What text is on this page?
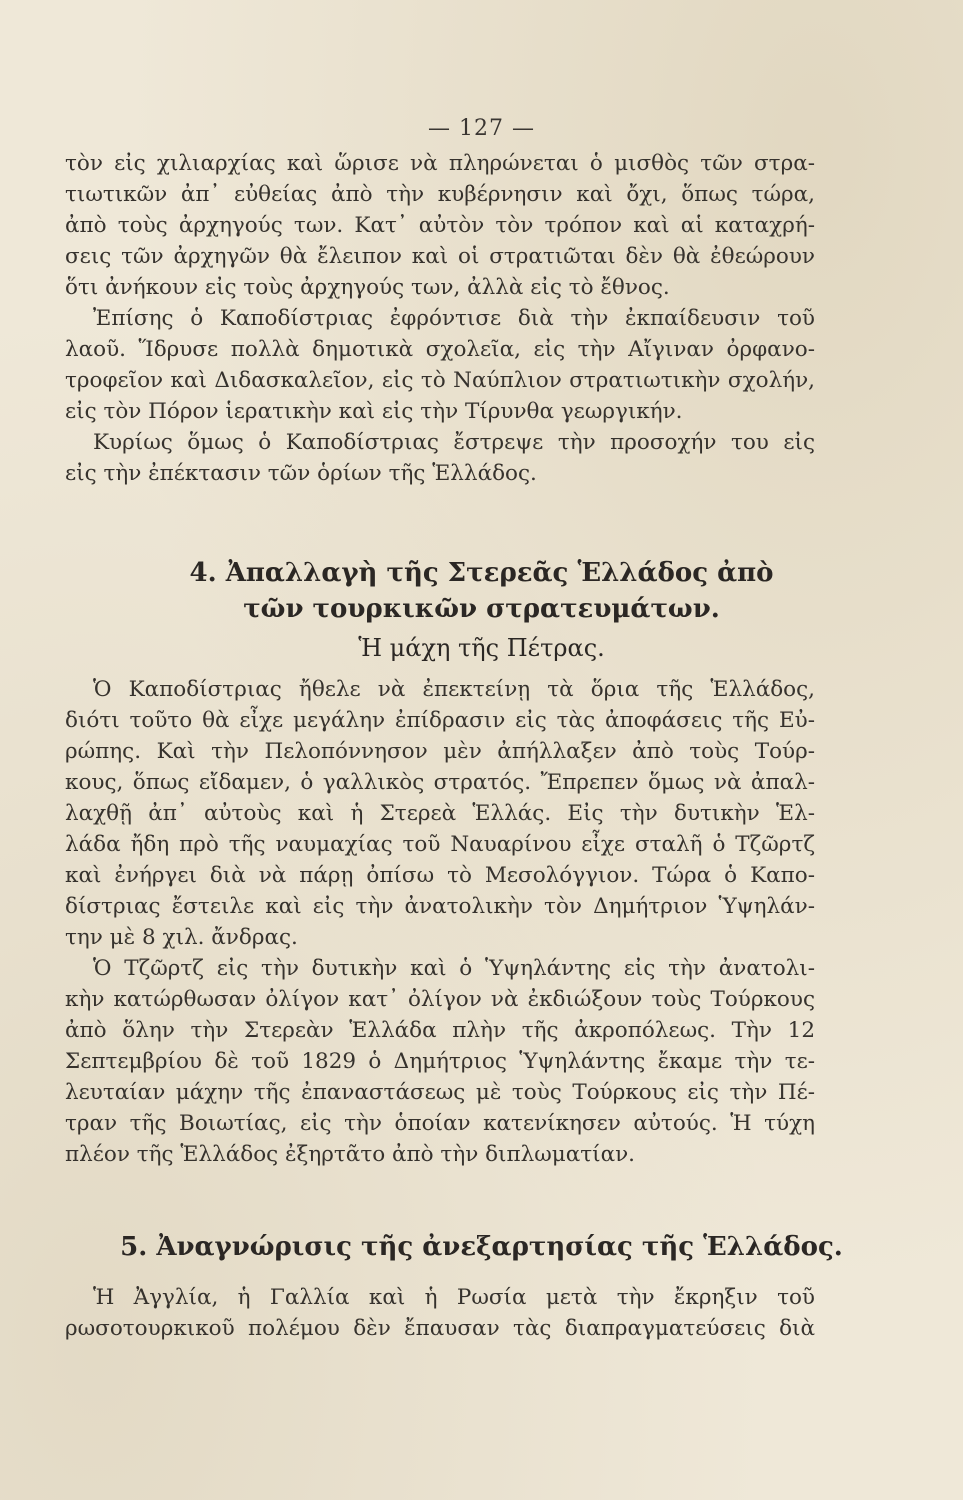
— 127 —
τὸν εἰς χιλιαρχίας καὶ ὥρισε νὰ πληρώνεται ὁ μισθὸς τῶν στρα-
τιωτικῶν ἀπ᾽ εὐθείας ἀπὸ τὴν κυβέρνησιν καὶ ὄχι, ὅπως τώρα,
ἀπὸ τοὺς ἀρχηγούς των. Κατ᾽ αὐτὸν τὸν τρόπον καὶ αἱ καταχρή-
σεις τῶν ἀρχηγῶν θὰ ἔλειπον καὶ οἱ στρατιῶται δὲν θὰ ἐθεώρουν
ὅτι ἀνήκουν εἰς τοὺς ἀρχηγούς των, ἀλλὰ εἰς τὸ ἔθνος.
Ἐπίσης ὁ Καποδίστριας ἐφρόντισε διὰ τὴν ἐκπαίδευσιν τοῦ
λαοῦ. Ἵδρυσε πολλὰ δημοτικὰ σχολεῖα, εἰς τὴν Αἴγιναν ὀρφανο-
τροφεῖον καὶ Διδασκαλεῖον, εἰς τὸ Ναύπλιον στρατιωτικὴν σχολήν,
εἰς τὸν Πόρον ἱερατικὴν καὶ εἰς τὴν Τίρυνθα γεωργικήν.
Κυρίως ὅμως ὁ Καποδίστριας ἔστρεψε τὴν προσοχήν του εἰς
εἰς τὴν ἐπέκτασιν τῶν ὁρίων τῆς Ἑλλάδος.
4. Ἀπαλλαγὴ τῆς Στερεᾶς Ἑλλάδος ἀπὸ
τῶν τουρκικῶν στρατευμάτων.
Ἡ μάχη τῆς Πέτρας.
Ὁ Καποδίστριας ἤθελε νὰ ἐπεκτείνῃ τὰ ὅρια τῆς Ἑλλάδος,
διότι τοῦτο θὰ εἶχε μεγάλην ἐπίδρασιν εἰς τὰς ἀποφάσεις τῆς Εὐ-
ρώπης. Καὶ τὴν Πελοπόννησον μὲν ἀπήλλαξεν ἀπὸ τοὺς Τούρ-
κους, ὅπως εἴδαμεν, ὁ γαλλικὸς στρατός. Ἔπρεπεν ὅμως νὰ ἀπαλ-
λαχθῇ ἀπ᾽ αὐτοὺς καὶ ἡ Στερεὰ Ἑλλάς. Εἰς τὴν δυτικὴν Ἑλ-
λάδα ἤδη πρὸ τῆς ναυμαχίας τοῦ Ναυαρίνου εἶχε σταλῆ ὁ Τζῶρτζ
καὶ ἐνήργει διὰ νὰ πάρῃ ὀπίσω τὸ Μεσολόγγιον. Τώρα ὁ Καπο-
δίστριας ἔστειλε καὶ εἰς τὴν ἀνατολικὴν τὸν Δημήτριον Ὑψηλάν-
την μὲ 8 χιλ. ἄνδρας.
Ὁ Τζῶρτζ εἰς τὴν δυτικὴν καὶ ὁ Ὑψηλάντης εἰς τὴν ἀνατολι-
κὴν κατώρθωσαν ὀλίγον κατ᾽ ὀλίγον νὰ ἐκδιώξουν τοὺς Τούρκους
ἀπὸ ὅλην τὴν Στερεὰν Ἑλλάδα πλὴν τῆς ἀκροπόλεως. Τὴν 12
Σεπτεμβρίου δὲ τοῦ 1829 ὁ Δημήτριος Ὑψηλάντης ἔκαμε τὴν τε-
λευταίαν μάχην τῆς ἐπαναστάσεως μὲ τοὺς Τούρκους εἰς τὴν Πέ-
τραν τῆς Βοιωτίας, εἰς τὴν ὁποίαν κατενίκησεν αὐτούς. Ἡ τύχη
πλέον τῆς Ἑλλάδος ἐξηρτᾶτο ἀπὸ τὴν διπλωματίαν.
5. Ἀναγνώρισις τῆς ἀνεξαρτησίας τῆς Ἑλλάδος.
Ἡ Ἀγγλία, ἡ Γαλλία καὶ ἡ Ρωσία μετὰ τὴν ἔκρηξιν τοῦ
ρωσοτουρκικοῦ πολέμου δὲν ἔπαυσαν τὰς διαπραγματεύσεις διὰ
